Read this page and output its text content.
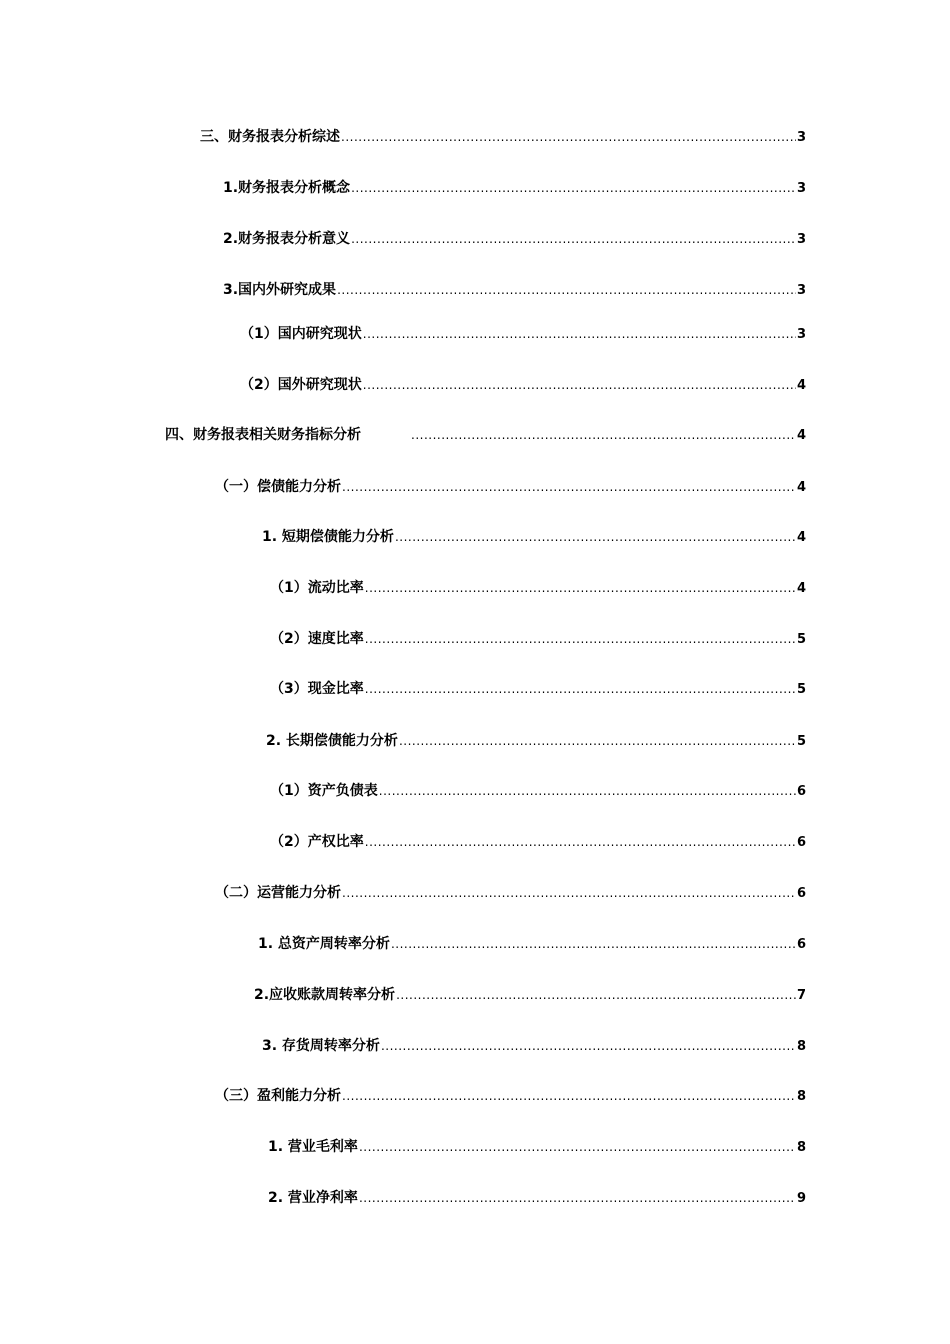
三、财务报表分析综述 .....	3
1.财务报表分析概念 .....	3
2.财务报表分析意义 .....	3
3.国内外研究成果 .....	3
（1）国内研究现状 .....	3
（2）国外研究现状 .....	4
四、财务报表相关财务指标分析 .....	4
（一）偿债能力分析 .....	4
1. 短期偿债能力分析 .....	4
（1）流动比率 .....	4
（2）速度比率 .....	5
（3）现金比率 .....	5
2. 长期偿债能力分析 .....	5
（1）资产负债表 .....	6
（2）产权比率 .....	6
（二）运营能力分析 .....	6
1. 总资产周转率分析 .....	6
2.应收账款周转率分析 .....	7
3. 存货周转率分析 .....	8
（三）盈利能力分析 .....	8
1. 营业毛利率 .....	8
2. 营业净利率 .....	9
